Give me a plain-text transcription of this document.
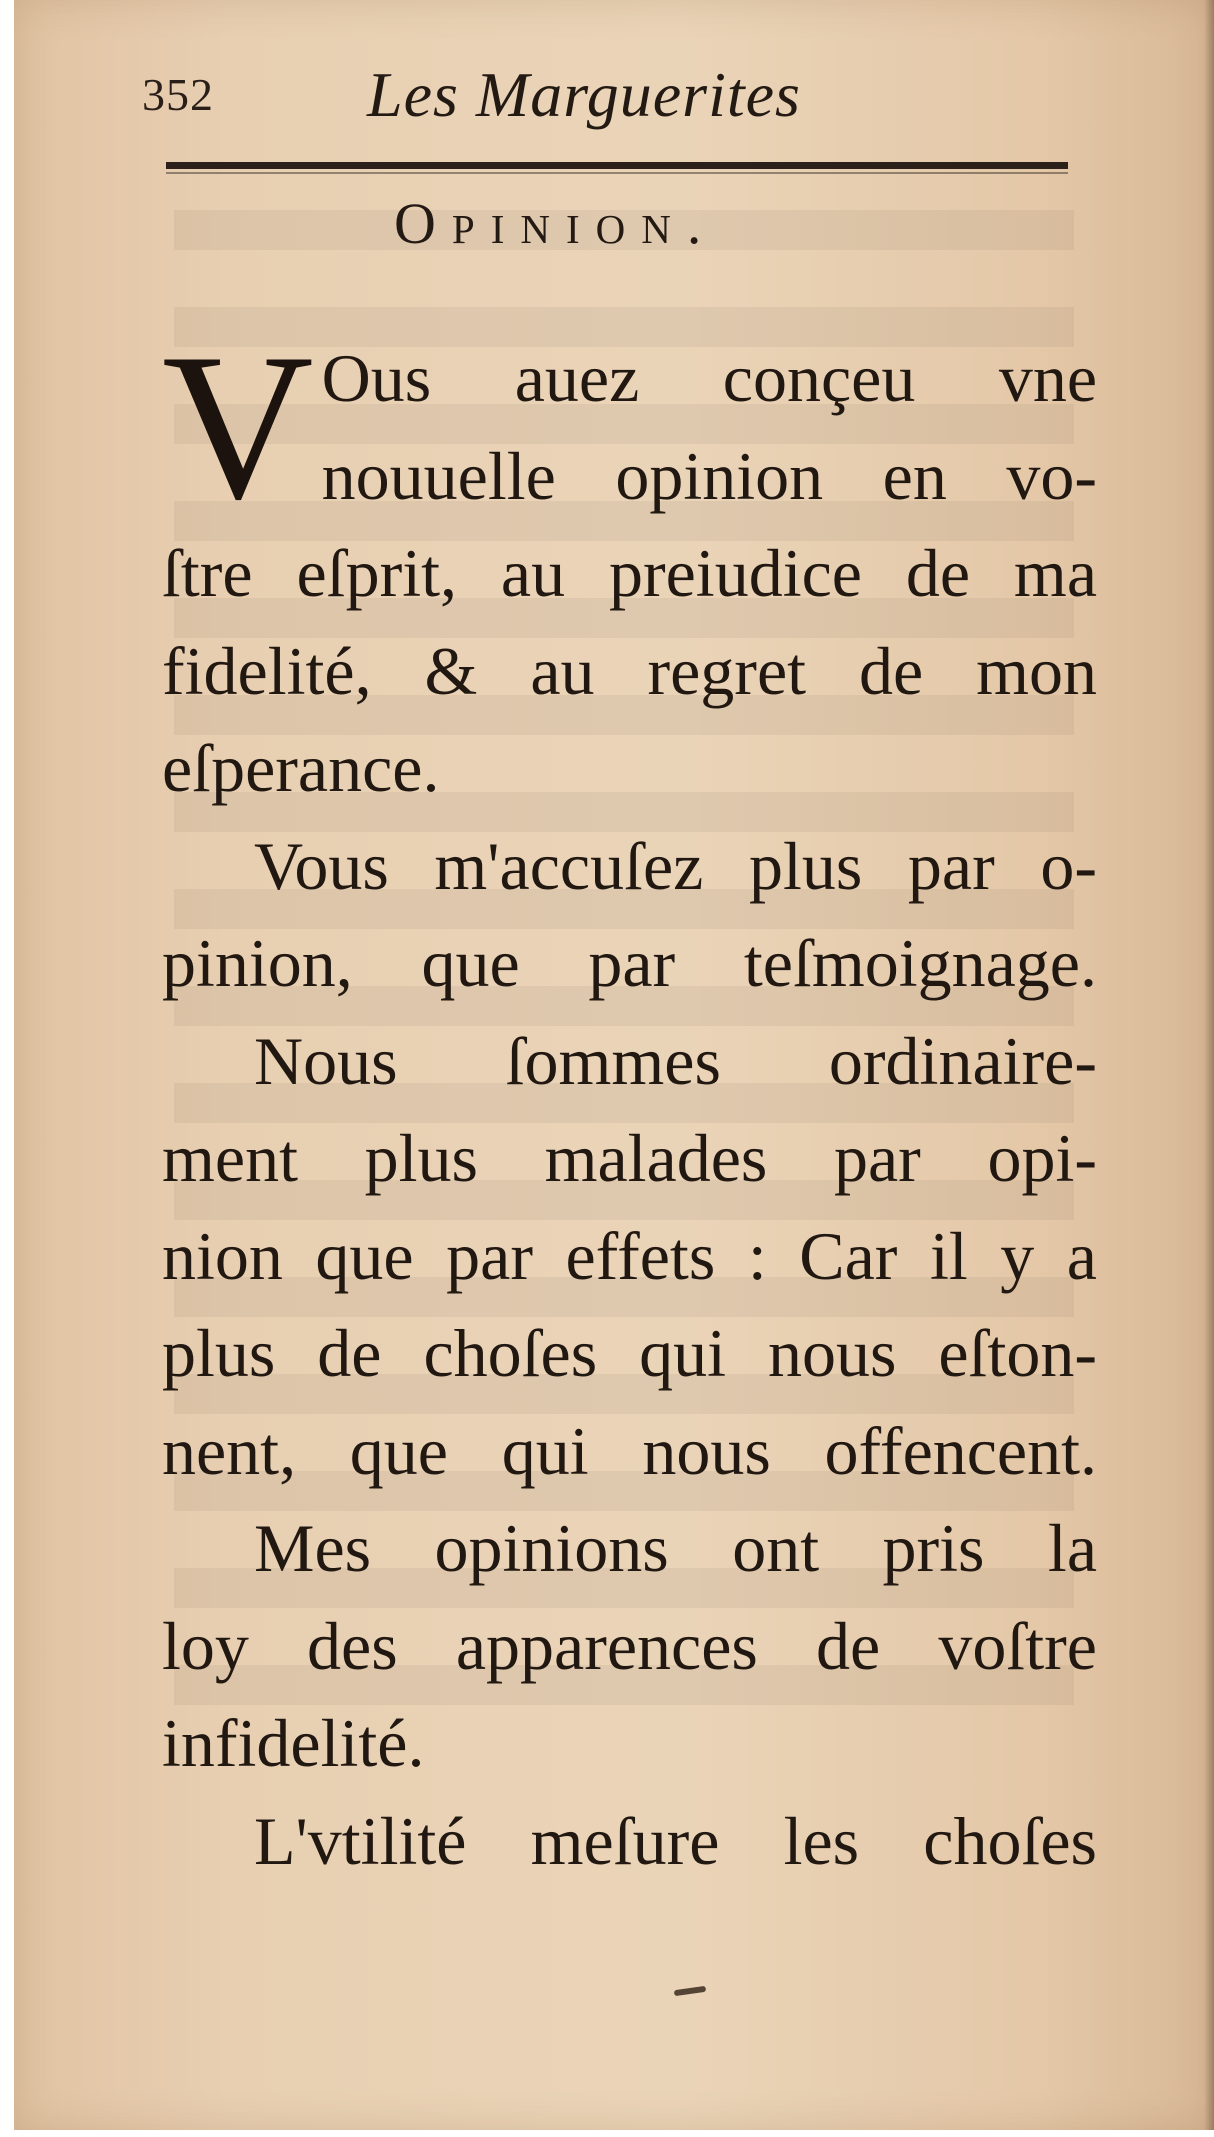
352 Les Marguerites
Opinion.
V Ous auez conçeu vne
nouuelle opinion en vo-
ſtre eſprit, au preiudice de ma
fidelité, & au regret de mon
eſperance.
Vous m'accuſez plus par o-
pinion, que par teſmoignage.
Nous ſommes ordinaire-
ment plus malades par opi-
nion que par effets : Car il y a
plus de choſes qui nous eſton-
nent, que qui nous offencent.
Mes opinions ont pris la
loy des apparences de voſtre
infidelité.
L'vtilité meſure les choſes
